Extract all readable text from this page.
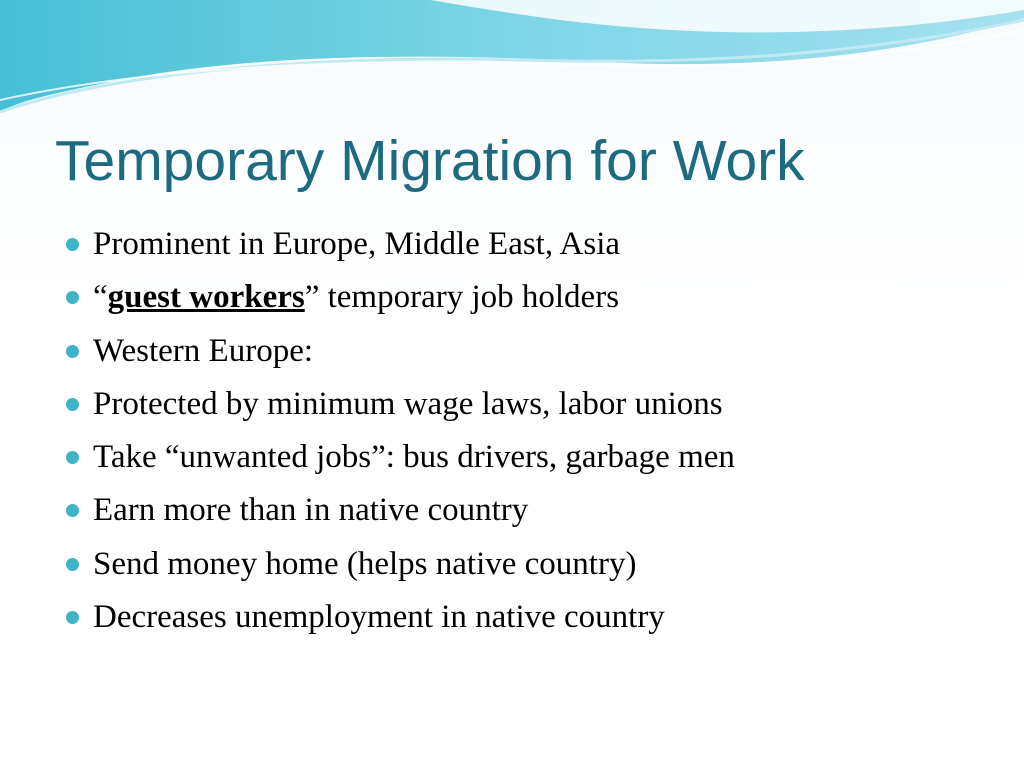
Temporary Migration for Work
Prominent in Europe, Middle East, Asia
“guest workers” temporary job holders
Western Europe:
Protected by minimum wage laws, labor unions
Take “unwanted jobs”: bus drivers, garbage men
Earn more than in native country
Send money home (helps native country)
Decreases unemployment in native country
